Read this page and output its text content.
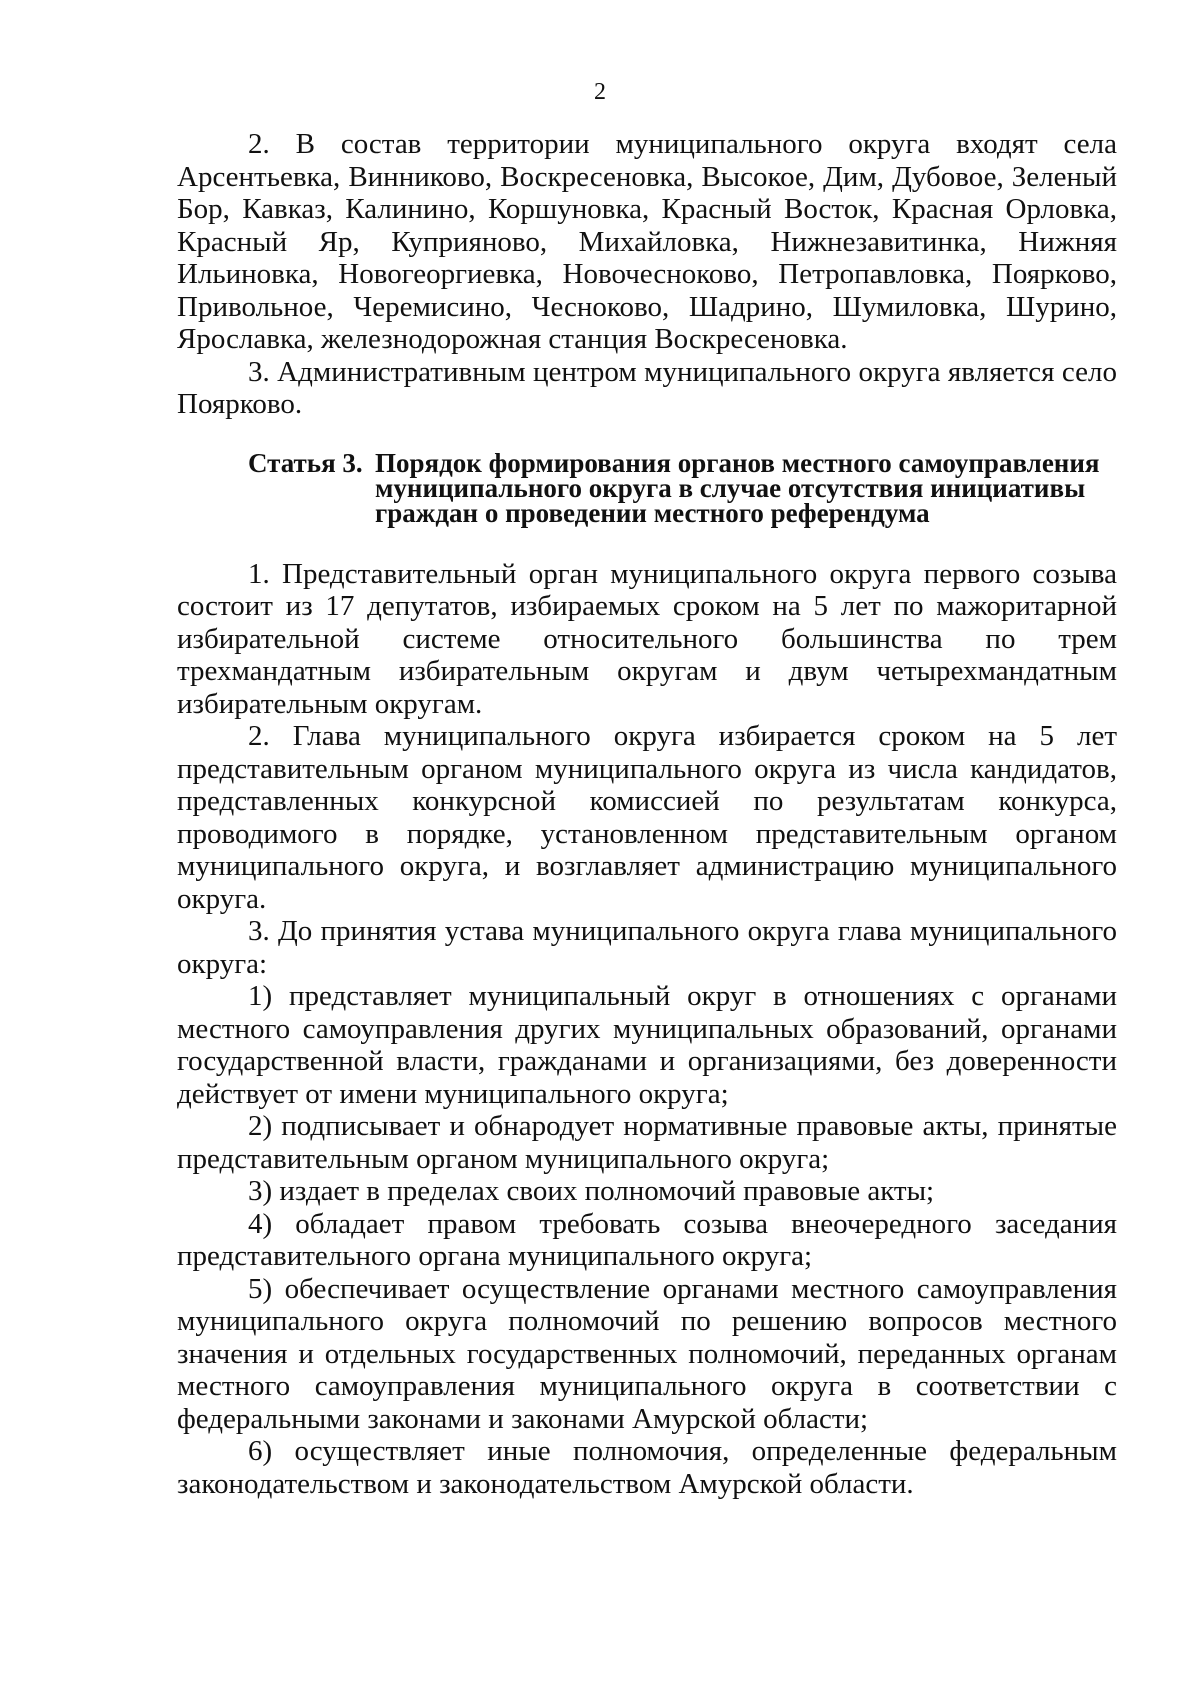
2

2. В состав территории муниципального округа входят села Арсентьевка, Винниково, Воскресеновка, Высокое, Дим, Дубовое, Зеленый Бор, Кавказ, Калинино, Коршуновка, Красный Восток, Красная Орловка, Красный Яр, Куприяново, Михайловка, Нижнезавитинка, Нижняя Ильиновка, Новогеоргиевка, Новочесноково, Петропавловка, Поярково, Привольное, Черемисино, Чесноково, Шадрино, Шумиловка, Шурино, Ярославка, железнодорожная станция Воскресеновка.

3. Административным центром муниципального округа является село Поярково.

Статья 3. Порядок формирования органов местного самоуправления муниципального округа в случае отсутствия инициативы граждан о проведении местного референдума

1. Представительный орган муниципального округа первого созыва состоит из 17 депутатов, избираемых сроком на 5 лет по мажоритарной избирательной системе относительного большинства по трем трехмандатным избирательным округам и двум четырехмандатным избирательным округам.

2. Глава муниципального округа избирается сроком на 5 лет представительным органом муниципального округа из числа кандидатов, представленных конкурсной комиссией по результатам конкурса, проводимого в порядке, установленном представительным органом муниципального округа, и возглавляет администрацию муниципального округа.

3. До принятия устава муниципального округа глава муниципального округа:

1) представляет муниципальный округ в отношениях с органами местного самоуправления других муниципальных образований, органами государственной власти, гражданами и организациями, без доверенности действует от имени муниципального округа;

2) подписывает и обнародует нормативные правовые акты, принятые представительным органом муниципального округа;

3) издает в пределах своих полномочий правовые акты;

4) обладает правом требовать созыва внеочередного заседания представительного органа муниципального округа;

5) обеспечивает осуществление органами местного самоуправления муниципального округа полномочий по решению вопросов местного значения и отдельных государственных полномочий, переданных органам местного самоуправления муниципального округа в соответствии с федеральными законами и законами Амурской области;

6) осуществляет иные полномочия, определенные федеральным законодательством и законодательством Амурской области.
